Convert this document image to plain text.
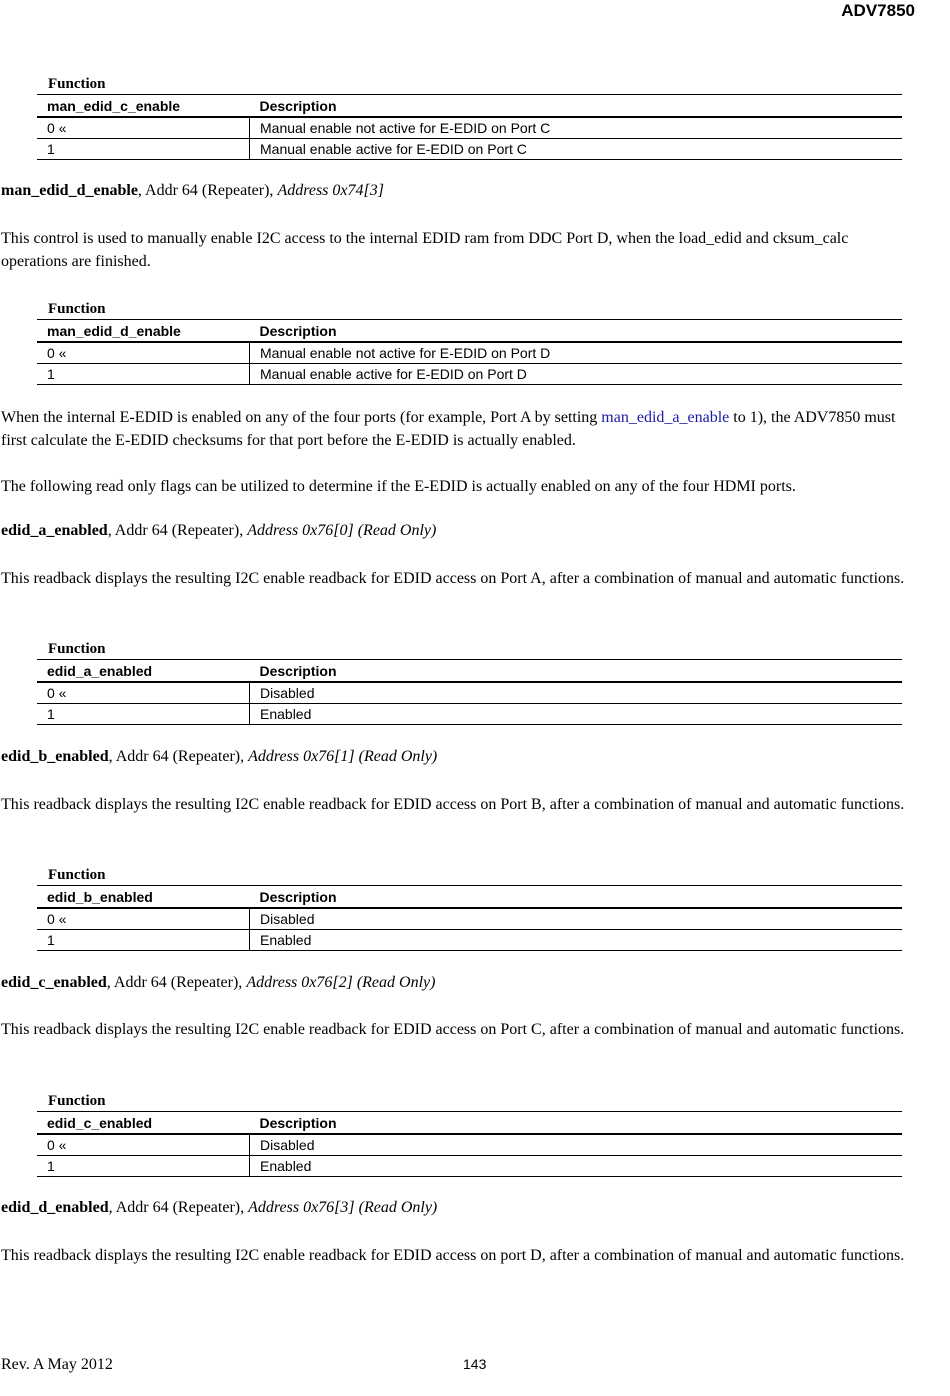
ADV7850
Function
man_edid_c_enable	Description
0 «	Manual enable not active for E-EDID on Port C
1	Manual enable active for E-EDID on Port C
man_edid_d_enable, Addr 64 (Repeater), Address 0x74[3]
This control is used to manually enable I2C access to the internal EDID ram from DDC Port D, when the load_edid and cksum_calc operations are finished.
Function
man_edid_d_enable	Description
0 «	Manual enable not active for E-EDID on Port D
1	Manual enable active for E-EDID on Port D
When the internal E-EDID is enabled on any of the four ports (for example, Port A by setting man_edid_a_enable to 1), the ADV7850 must first calculate the E-EDID checksums for that port before the E-EDID is actually enabled.
The following read only flags can be utilized to determine if the E-EDID is actually enabled on any of the four HDMI ports.
edid_a_enabled, Addr 64 (Repeater), Address 0x76[0] (Read Only)
This readback displays the resulting I2C enable readback for EDID access on Port A, after a combination of manual and automatic functions.
Function
edid_a_enabled	Description
0 «	Disabled
1	Enabled
edid_b_enabled, Addr 64 (Repeater), Address 0x76[1] (Read Only)
This readback displays the resulting I2C enable readback for EDID access on Port B, after a combination of manual and automatic functions.
Function
edid_b_enabled	Description
0 «	Disabled
1	Enabled
edid_c_enabled, Addr 64 (Repeater), Address 0x76[2] (Read Only)
This readback displays the resulting I2C enable readback for EDID access on Port C, after a combination of manual and automatic functions.
Function
edid_c_enabled	Description
0 «	Disabled
1	Enabled
edid_d_enabled, Addr 64 (Repeater), Address 0x76[3] (Read Only)
This readback displays the resulting I2C enable readback for EDID access on port D, after a combination of manual and automatic functions.
Rev. A May 2012	143
